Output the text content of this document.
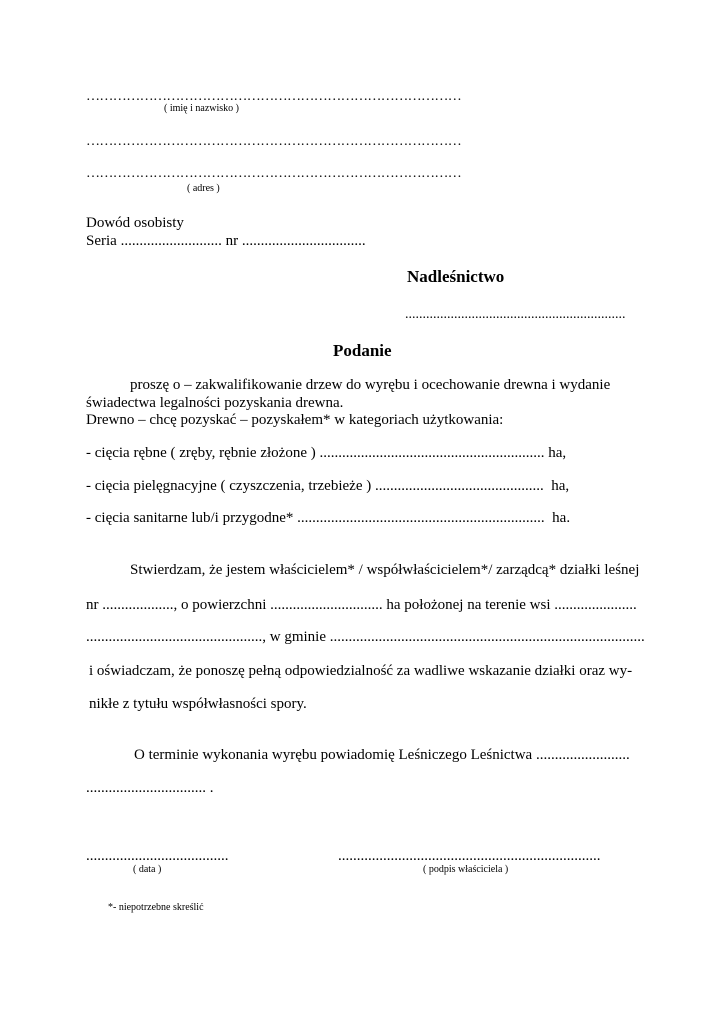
…………………………………………………………………………
( imię i nazwisko )
…………………………………………………………………………
…………………………………………………………………………
( adres )
Dowód osobisty
Seria ........................... nr .................................
Nadleśnictwo
...............................................................
Podanie
proszę o – zakwalifikowanie drzew do wyrębu i ocechowanie drewna i wydanie
świadectwa legalności pozyskania drewna.
Drewno – chcę pozyskać – pozyskałem* w kategoriach użytkowania:
- cięcia rębne ( zręby, rębnie złożone ) ............................................................ ha,
- cięcia pielęgnacyjne ( czyszczenia, trzebieże ) .............................................  ha,
- cięcia sanitarne lub/i przygodne* ..................................................................  ha.
Stwierdzam, że jestem właścicielem* / współwłaścicielem*/ zarządcą* działki leśnej
nr ..................., o powierzchni .............................. ha położonej na terenie wsi ......................
..............................................., w gminie ....................................................................................
i oświadczam, że ponoszę pełną odpowiedzialność za wadliwe wskazanie działki oraz wy-
nikłe z tytułu współwłasności spory.
O terminie wykonania wyrębu powiadomię Leśniczego Leśnictwa .........................
................................ .
......................................
( data )
......................................................................
( podpis właściciela )
*- niepotrzebne skreślić
